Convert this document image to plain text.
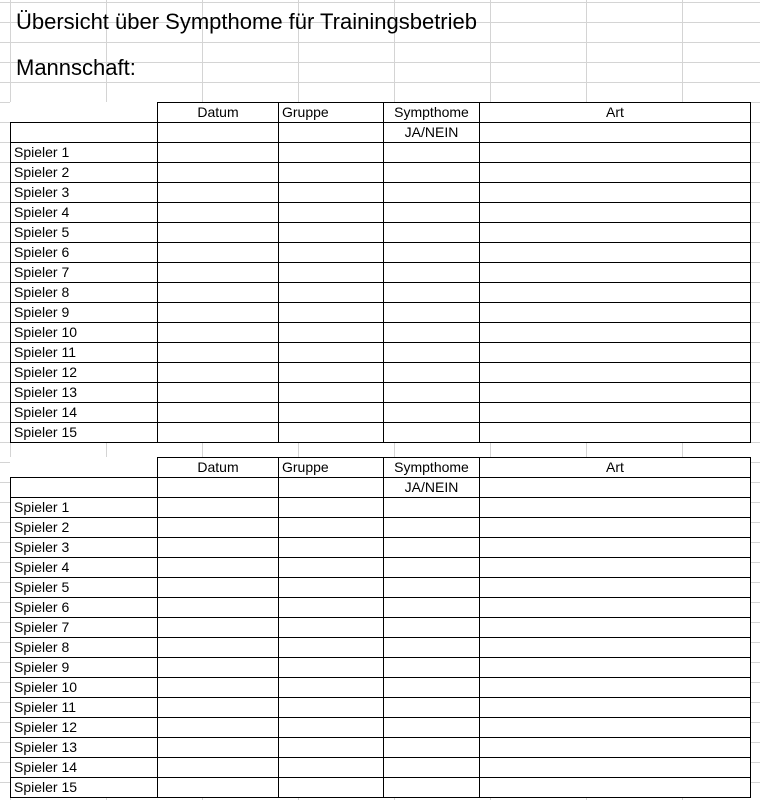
Übersicht über Sympthome für Trainingsbetrieb
Mannschaft:
	Datum	Gruppe	Sympthome	Art
			JA/NEIN	
Spieler 1				
Spieler 2				
Spieler 3				
Spieler 4				
Spieler 5				
Spieler 6				
Spieler 7				
Spieler 8				
Spieler 9				
Spieler 10				
Spieler 11				
Spieler 12				
Spieler 13				
Spieler 14				
Spieler 15				
	Datum	Gruppe	Sympthome	Art
			JA/NEIN	
Spieler 1				
Spieler 2				
Spieler 3				
Spieler 4				
Spieler 5				
Spieler 6				
Spieler 7				
Spieler 8				
Spieler 9				
Spieler 10				
Spieler 11				
Spieler 12				
Spieler 13				
Spieler 14				
Spieler 15				
